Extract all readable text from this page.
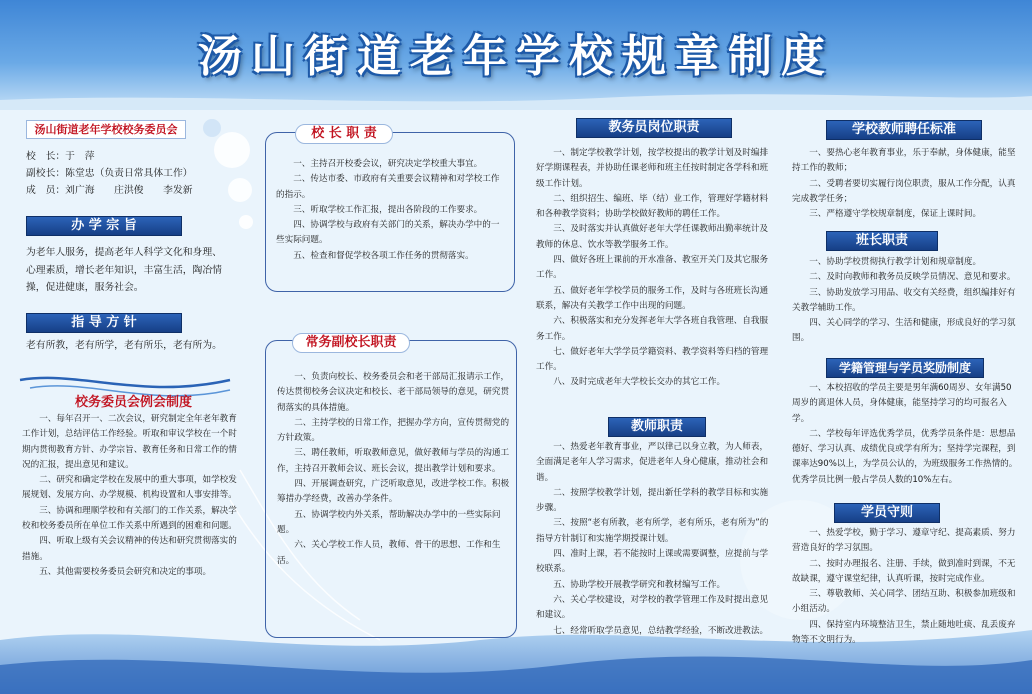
汤山街道老年学校规章制度
汤山街道老年学校校务委员会

校　长：于　萍

副校长：陈堂忠（负责日常具体工作）

成　员：刘广海　　庄洪俊　　李发新

办 学 宗 旨
为老年人服务，提高老年人科学文化和身理、心理素质，增长老年知识，丰富生活，陶冶情操，促进健康，服务社会。
指 导 方 针
老有所教，老有所学，老有所乐，老有所为。
校务委员会例会制度

一、每年召开一、二次会议，研究制定全年老年教育工作计划，总结评估工作经验。听取和审议学校在一个时期内贯彻教育方针、办学宗旨、教育任务和日常工作的情况的汇报，提出意见和建议。

二、研究和确定学校在发展中的重大事项，如学校发展规划、发展方向、办学规模、机构设置和人事安排等。

三、协调和理顺学校和有关部门的工作关系，解决学校和校务委员所在单位工作关系中所遇到的困难和问题。

四、听取上级有关会议精神的传达和研究贯彻落实的措施。

五、其他需要校务委员会研究和决定的事项。

校 长 职 责

一、主持召开校委会议，研究决定学校重大事宜。

二、传达市委、市政府有关重要会议精神和对学校工作的指示。

三、听取学校工作汇报，提出各阶段的工作要求。

四、协调学校与政府有关部门的关系，解决办学中的一些实际问题。

五、检查和督促学校各项工作任务的贯彻落实。

常务副校长职责

一、负责向校长、校务委员会和老干部局汇报请示工作，传达贯彻校务会议决定和校长、老干部局领导的意见，研究贯彻落实的具体措施。

二、主持学校的日常工作，把握办学方向，宣传贯彻党的方针政策。

三、聘任教师，听取教师意见，做好教师与学员的沟通工作，主持召开教师会议、班长会议，提出教学计划和要求。

四、开展调查研究，广泛听取意见，改进学校工作。积极筹措办学经费，改善办学条件。

五、协调学校内外关系，帮助解决办学中的一些实际问题。

六、关心学校工作人员，教师、骨干的思想、工作和生活。

教务员岗位职责

一、制定学校教学计划，按学校提出的教学计划及时编排好学期课程表，并协助任课老师和班主任按时制定各学科和班级工作计划。

二、组织招生、编班、毕（结）业工作，管理好学籍材料和各种教学资料；协助学校做好教师的聘任工作。

三、及时落实并认真做好老年大学任课教师出勤率统计及教师的休息、饮水等教学服务工作。

四、做好各班上课前的开水准备、教室开关门及其它服务工作。

五、做好老年学校学员的服务工作，及时与各班班长沟通联系，解决有关教学工作中出现的问题。

六、积极落实和充分发挥老年大学各班自我管理、自我服务工作。

七、做好老年大学学员学籍资料、教学资料等归档的管理工作。

八、及时完成老年大学校长交办的其它工作。

教师职责

一、热爱老年教育事业，严以律己以身立教，为人师表，全面满足老年人学习需求，促进老年人身心健康，推动社会和谐。

二、按照学校教学计划，提出新任学科的教学目标和实施步骤。

三、按照“老有所教，老有所学，老有所乐，老有所为”的指导方针制订和实施学期授课计划。

四、准时上课，若不能按时上课或需要调整，应提前与学校联系。

五、协助学校开展教学研究和教材编写工作。

六、关心学校建设，对学校的教学管理工作及时提出意见和建议。

七、经常听取学员意见，总结教学经验，不断改进教法。

学校教师聘任标准

一、要热心老年教育事业，乐于奉献，身体健康，能坚持工作的教师；

二、受聘者要切实履行岗位职责，服从工作分配，认真完成教学任务；

三、严格遵守学校规章制度，保证上课时间。

班长职责

一、协助学校贯彻执行教学计划和规章制度。

二、及时向教师和教务员反映学员情况、意见和要求。

三、协助发放学习用品、收交有关经费，组织编排好有关教学辅助工作。

四、关心同学的学习、生活和健康，形成良好的学习氛围。

学籍管理与学员奖励制度

一、本校招收的学员主要是男年满60周岁、女年满50周岁的离退休人员，身体健康，能坚持学习的均可报名入学。

二、学校每年评选优秀学员，优秀学员条件是：思想品德好、学习认真、成绩优良或学有所为；坚持学完课程，到课率达90%以上，为学员公认的，为班级服务工作热情的。优秀学员比例一般占学员人数的10%左右。

学员守则

一、热爱学校，勤于学习、遵章守纪、提高素质、努力营造良好的学习氛围。

二、按时办理报名、注册、手续，做到准时到课，不无故缺课，遵守课堂纪律，认真听课，按时完成作业。

三、尊敬教师、关心同学、团结互助、积极参加班级和小组活动。

四、保持室内环境整洁卫生，禁止随地吐痰、乱丢废弃物等不文明行为。
